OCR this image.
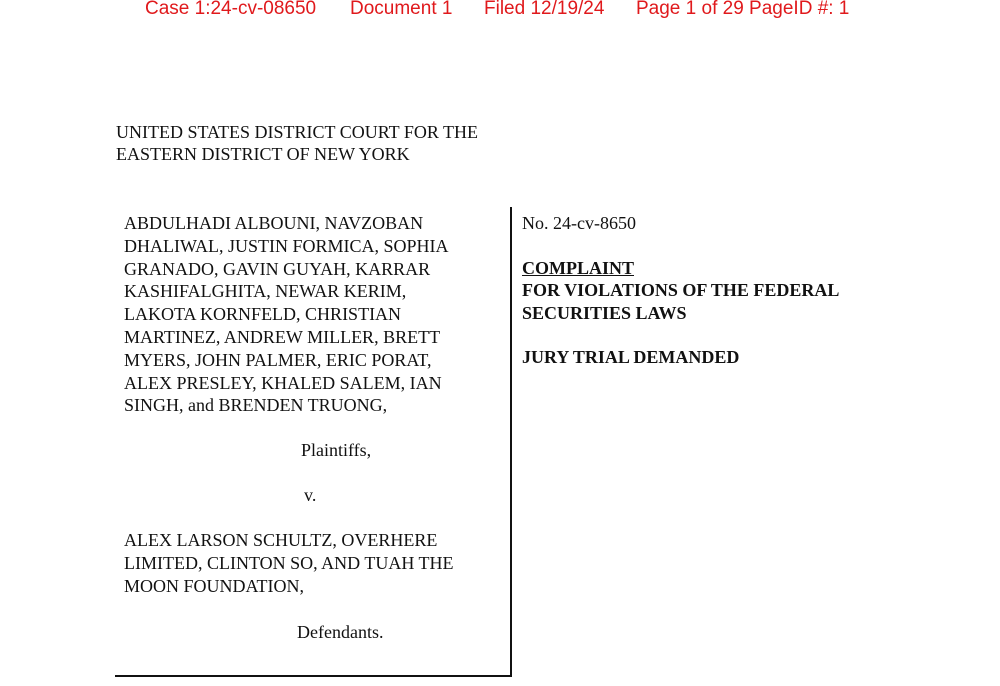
Case 1:24-cv-08650 Document 1 Filed 12/19/24 Page 1 of 29 PageID #: 1
UNITED STATES DISTRICT COURT FOR THE
EASTERN DISTRICT OF NEW YORK
ABDULHADI ALBOUNI, NAVZOBAN
DHALIWAL, JUSTIN FORMICA, SOPHIA
GRANADO, GAVIN GUYAH, KARRAR
KASHIFALGHITA, NEWAR KERIM,
LAKOTA KORNFELD, CHRISTIAN
MARTINEZ, ANDREW MILLER, BRETT
MYERS, JOHN PALMER, ERIC PORAT,
ALEX PRESLEY, KHALED SALEM, IAN
SINGH, and BRENDEN TRUONG,
Plaintiffs,
v.
ALEX LARSON SCHULTZ, OVERHERE
LIMITED, CLINTON SO, AND TUAH THE
MOON FOUNDATION,
Defendants.
No. 24-cv-8650
COMPLAINT
FOR VIOLATIONS OF THE FEDERAL
SECURITIES LAWS
JURY TRIAL DEMANDED
